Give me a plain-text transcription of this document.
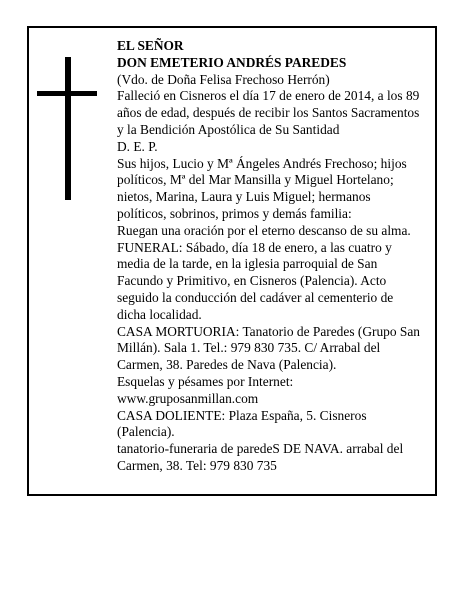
EL SEÑOR

DON EMETERIO ANDRÉS PAREDES

(Vdo. de Doña Felisa Frechoso Herrón)

Falleció en Cisneros el día 17 de enero de 2014, a los 89 años de edad, después de recibir los Santos Sacramentos y la Bendición Apostólica de Su Santidad

D. E. P.

Sus hijos, Lucio y Mª Ángeles Andrés Frechoso; hijos políticos, Mª del Mar Mansilla y Miguel Hortelano; nietos, Marina, Laura y Luis Miguel; hermanos políticos, sobrinos, primos y demás familia:

Ruegan una oración por el eterno descanso de su alma.

FUNERAL: Sábado, día 18 de enero, a las cuatro y media de la tarde, en la iglesia parroquial de San Facundo y Primitivo, en Cisneros (Palencia). Acto seguido la conducción del cadáver al cementerio de dicha localidad.

CASA MORTUORIA: Tanatorio de Paredes (Grupo San Millán). Sala 1. Tel.: 979 830 735. C/ Arrabal del Carmen, 38. Paredes de Nava (Palencia).

Esquelas y pésames por Internet: www.gruposanmillan.com

CASA DOLIENTE: Plaza España, 5. Cisneros (Palencia).

tanatorio-funeraria de paredeS DE NAVA. arrabal del Carmen, 38. Tel: 979 830 735
